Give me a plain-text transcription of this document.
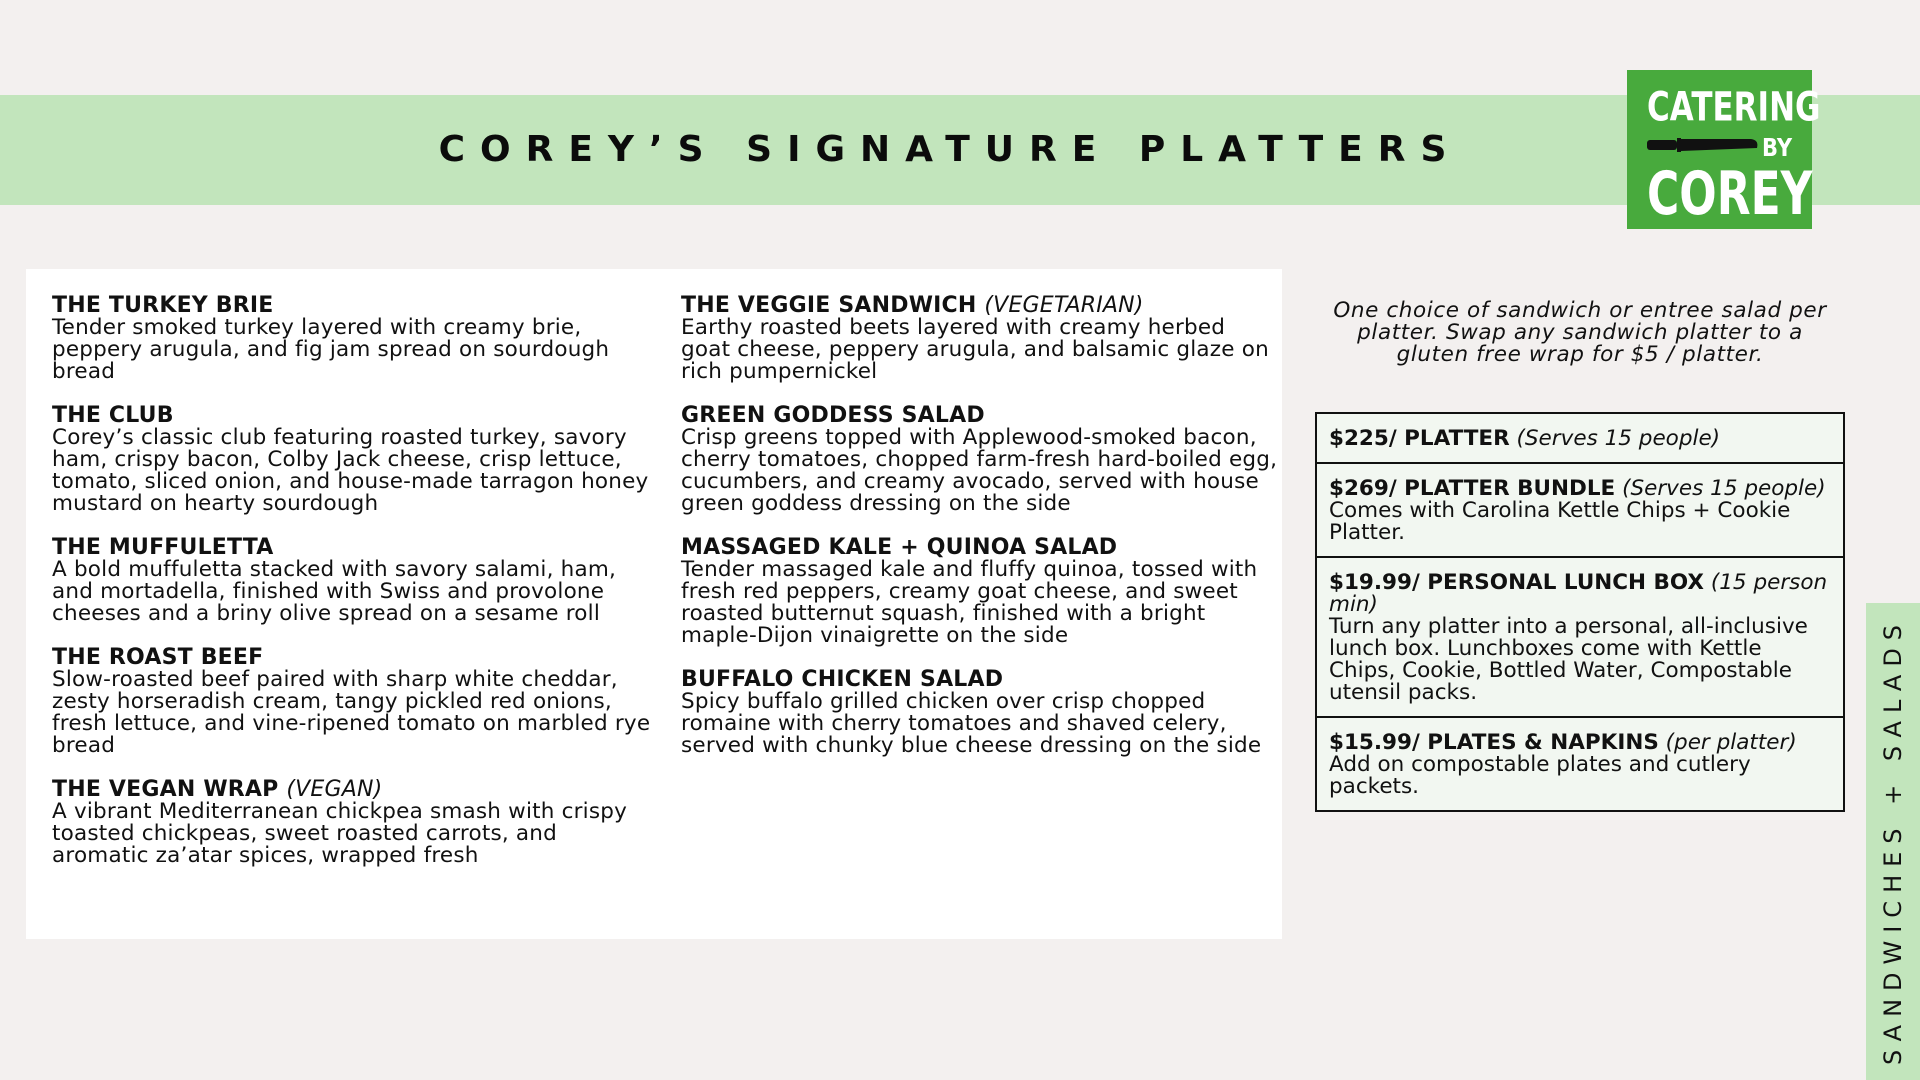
COREY’S SIGNATURE PLATTERS
CATERING
BY
COREY
THE TURKEY BRIE
Tender smoked turkey layered with creamy brie, peppery arugula, and fig jam spread on sourdough bread
THE CLUB
Corey’s classic club featuring roasted turkey, savory ham, crispy bacon, Colby Jack cheese, crisp lettuce, tomato, sliced onion, and house-made tarragon honey mustard on hearty sourdough
THE MUFFULETTA
A bold muffuletta stacked with savory salami, ham, and mortadella, finished with Swiss and provolone cheeses and a briny olive spread on a sesame roll
THE ROAST BEEF
Slow-roasted beef paired with sharp white cheddar, zesty horseradish cream, tangy pickled red onions, fresh lettuce, and vine-ripened tomato on marbled rye bread
THE VEGAN WRAP (VEGAN)
A vibrant Mediterranean chickpea smash with crispy toasted chickpeas, sweet roasted carrots, and aromatic za’atar spices, wrapped fresh
THE VEGGIE SANDWICH (VEGETARIAN)
Earthy roasted beets layered with creamy herbed goat cheese, peppery arugula, and balsamic glaze on rich pumpernickel
GREEN GODDESS SALAD
Crisp greens topped with Applewood-smoked bacon, cherry tomatoes, chopped farm-fresh hard-boiled egg, cucumbers, and creamy avocado, served with house green goddess dressing on the side
MASSAGED KALE + QUINOA SALAD
Tender massaged kale and fluffy quinoa, tossed with fresh red peppers, creamy goat cheese, and sweet roasted butternut squash, finished with a bright maple-Dijon vinaigrette on the side
BUFFALO CHICKEN SALAD
Spicy buffalo grilled chicken over crisp chopped romaine with cherry tomatoes and shaved celery, served with chunky blue cheese dressing on the side
One choice of sandwich or entree salad per platter. Swap any sandwich platter to a gluten free wrap for $5 / platter.
$225/ PLATTER (Serves 15 people)
$269/ PLATTER BUNDLE (Serves 15 people)
Comes with Carolina Kettle Chips + Cookie Platter.
$19.99/ PERSONAL LUNCH BOX (15 person min)
Turn any platter into a personal, all-inclusive lunch box. Lunchboxes come with Kettle Chips, Cookie, Bottled Water, Compostable utensil packs.
$15.99/ PLATES & NAPKINS (per platter)
Add on compostable plates and cutlery packets.	SANDWICHES + SALADS
